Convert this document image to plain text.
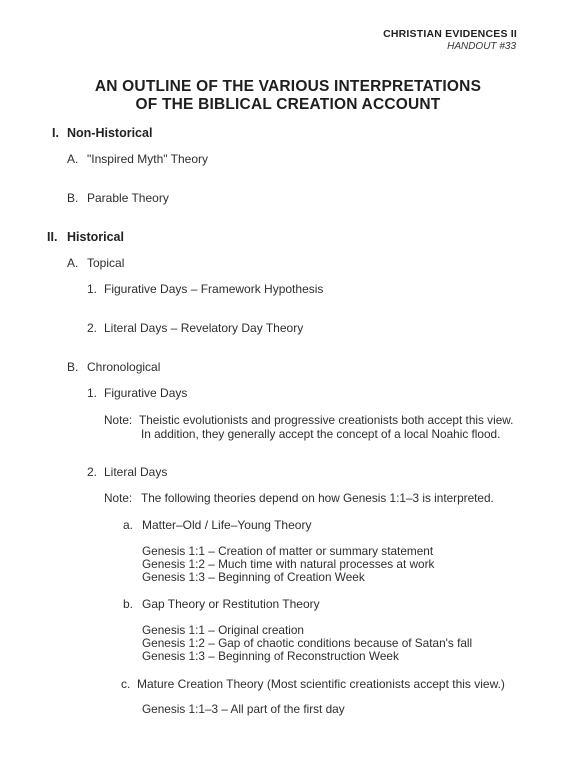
CHRISTIAN EVIDENCES II
HANDOUT #33
AN OUTLINE OF THE VARIOUS INTERPRETATIONS
OF THE BIBLICAL CREATION ACCOUNT
I. Non-Historical
A. "Inspired Myth" Theory
B. Parable Theory
II. Historical
A. Topical
1. Figurative Days – Framework Hypothesis
2. Literal Days – Revelatory Day Theory
B. Chronological
1. Figurative Days
Note: Theistic evolutionists and progressive creationists both accept this view.
In addition, they generally accept the concept of a local Noahic flood.
2. Literal Days
Note: The following theories depend on how Genesis 1:1–3 is interpreted.
a. Matter–Old / Life–Young Theory
Genesis 1:1 – Creation of matter or summary statement
Genesis 1:2 – Much time with natural processes at work
Genesis 1:3 – Beginning of Creation Week
b. Gap Theory or Restitution Theory
Genesis 1:1 – Original creation
Genesis 1:2 – Gap of chaotic conditions because of Satan's fall
Genesis 1:3 – Beginning of Reconstruction Week
c. Mature Creation Theory (Most scientific creationists accept this view.)
Genesis 1:1–3 – All part of the first day
